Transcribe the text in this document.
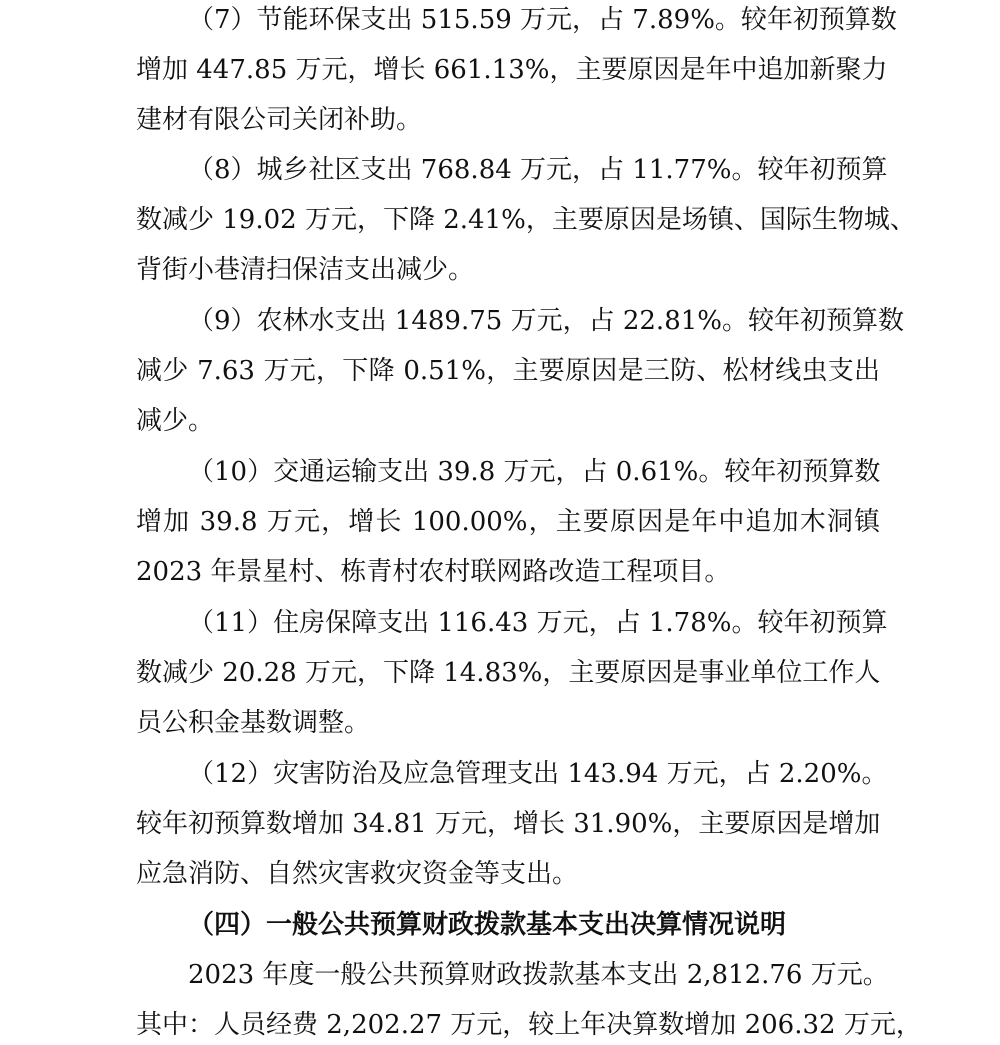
（7）节能环保支出 515.59 万元，占 7.89%。较年初预算数
增加 447.85 万元，增长 661.13%，主要原因是年中追加新聚力
建材有限公司关闭补助。
（8）城乡社区支出 768.84 万元，占 11.77%。较年初预算
数减少 19.02 万元，下降 2.41%，主要原因是场镇、国际生物城、
背街小巷清扫保洁支出减少。
（9）农林水支出 1489.75 万元，占 22.81%。较年初预算数
减少 7.63 万元，下降 0.51%，主要原因是三防、松材线虫支出
减少。
（10）交通运输支出 39.8 万元，占 0.61%。较年初预算数
增加 39.8 万元，增长 100.00%，主要原因是年中追加木洞镇
2023 年景星村、栋青村农村联网路改造工程项目。
（11）住房保障支出 116.43 万元，占 1.78%。较年初预算
数减少 20.28 万元，下降 14.83%，主要原因是事业单位工作人
员公积金基数调整。
（12）灾害防治及应急管理支出 143.94 万元，占 2.20%。
较年初预算数增加 34.81 万元，增长 31.90%，主要原因是增加
应急消防、自然灾害救灾资金等支出。
（四）一般公共预算财政拨款基本支出决算情况说明
2023 年度一般公共预算财政拨款基本支出 2,812.76 万元。
其中：人员经费 2,202.27 万元，较上年决算数增加 206.32 万元，
